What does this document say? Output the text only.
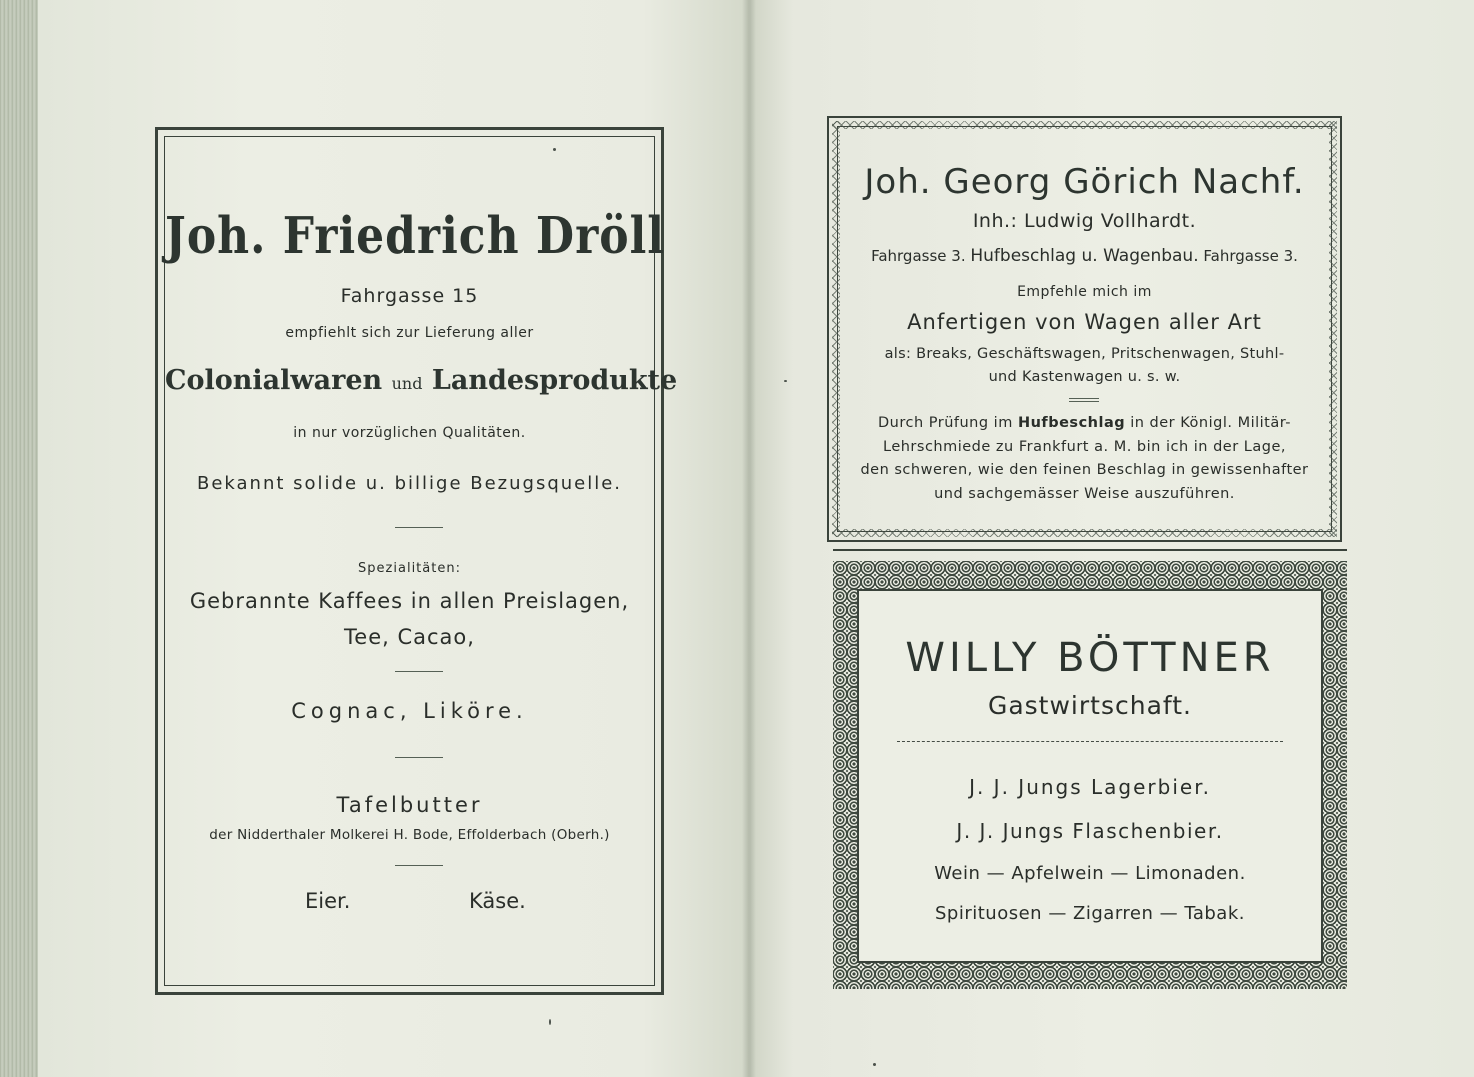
Joh. Friedrich Dröll
Fahrgasse 15
empfiehlt sich zur Lieferung aller
Colonialwaren und Landesprodukte
in nur vorzüglichen Qualitäten.
Bekannt solide u. billige Bezugsquelle.
Spezialitäten:
Gebrannte Kaffees in allen Preislagen,
Tee, Cacao,
Cognac, Liköre.
Tafelbutter
der Nidderthaler Molkerei H. Bode, Effolderbach (Oberh.)
Eier.	Käse.
Joh. Georg Görich Nachf.
Inh.: Ludwig Vollhardt.
Fahrgasse 3. Hufbeschlag u. Wagenbau. Fahrgasse 3.
Empfehle mich im
Anfertigen von Wagen aller Art
als: Breaks, Geschäftswagen, Pritschenwagen, Stuhl-
und Kastenwagen u. s. w.
Durch Prüfung im Hufbeschlag in der Königl. Militär-
Lehrschmiede zu Frankfurt a. M. bin ich in der Lage,
den schweren, wie den feinen Beschlag in gewissenhafter
und sachgemässer Weise auszuführen.
WILLY BÖTTNER
Gastwirtschaft.
J. J. Jungs Lagerbier.
J. J. Jungs Flaschenbier.
Wein — Apfelwein — Limonaden.
Spirituosen — Zigarren — Tabak.
